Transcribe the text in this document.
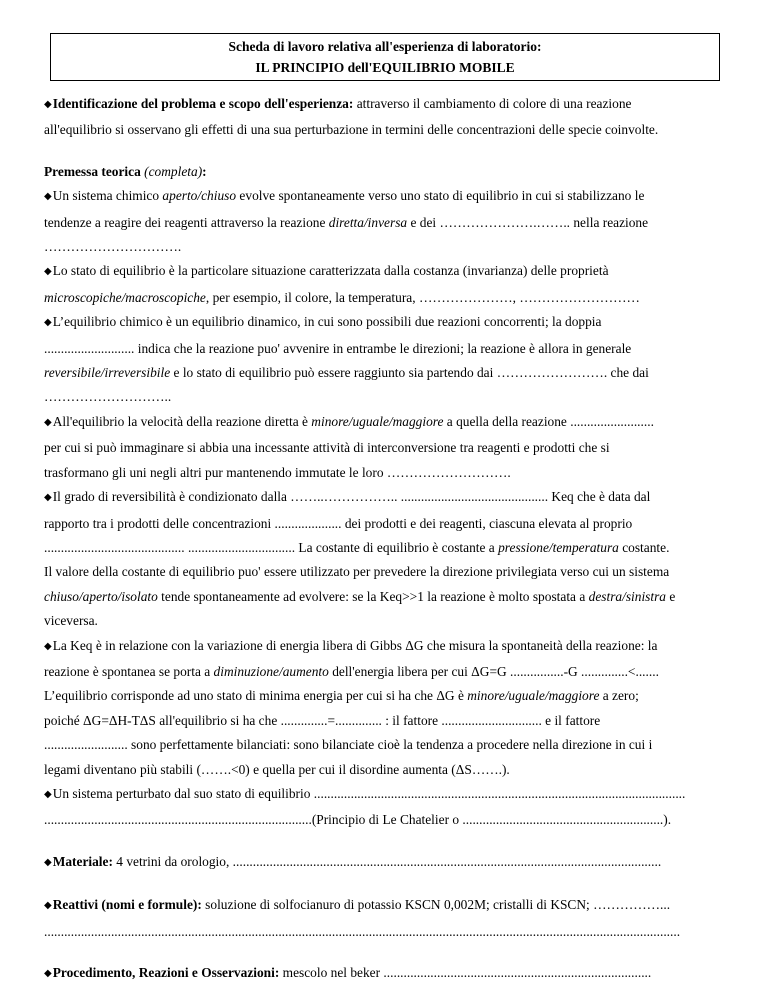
Scheda di lavoro relativa all'esperienza di laboratorio:
IL PRINCIPIO dell'EQUILIBRIO MOBILE

◆Identificazione del problema e scopo dell'esperienza: attraverso il cambiamento di colore di una reazione
all'equilibrio si osservano gli effetti di una sua perturbazione in termini delle concentrazioni delle specie coinvolte.

Premessa teorica (completa):

◆Un sistema chimico aperto/chiuso evolve spontaneamente verso uno stato di equilibrio in cui si stabilizzano le
tendenze a reagire dei reagenti attraverso la reazione diretta/inversa e dei ………………….…….. nella reazione
………………………….

◆Lo stato di equilibrio è la particolare situazione caratterizzata dalla costanza (invarianza) delle proprietà
microscopiche/macroscopiche, per esempio, il colore, la temperatura, …………………, ………………………

◆L’equilibrio chimico è un equilibrio dinamico, in cui sono possibili due reazioni concorrenti; la doppia
........................... indica che la reazione puo' avvenire in entrambe le direzioni; la reazione è allora in generale
reversibile/irreversibile e lo stato di equilibrio può essere raggiunto sia partendo dai ……………………. che dai
………………………..

◆All'equilibrio la velocità della reazione diretta è minore/uguale/maggiore a quella della reazione .........................
per cui si può immaginare si abbia una incessante attività di interconversione tra reagenti e prodotti che si
trasformano gli uni negli altri pur mantenendo immutate le loro ……………………….

◆Il grado di reversibilità è condizionato dalla ……..…………….. ............................................ Keq che è data dal
rapporto tra i prodotti delle concentrazioni .................... dei prodotti e dei reagenti, ciascuna elevata al proprio
.......................................... ................................ La costante di equilibrio è costante a pressione/temperatura costante.
Il valore della costante di equilibrio puo' essere utilizzato per prevedere la direzione privilegiata verso cui un sistema
chiuso/aperto/isolato tende spontaneamente ad evolvere: se la Keq>>1 la reazione è molto spostata a destra/sinistra e
viceversa.

◆La Keq è in relazione con la variazione di energia libera di Gibbs ΔG che misura la spontaneità della reazione: la
reazione è spontanea se porta a diminuzione/aumento dell'energia libera per cui ΔG=G ................-G ..............<.......
L’equilibrio corrisponde ad uno stato di minima energia per cui si ha che ΔG è minore/uguale/maggiore a zero;
poiché ΔG=ΔH-TΔS all'equilibrio si ha che ..............=.............. : il fattore .............................. e il fattore
......................... sono perfettamente bilanciati: sono bilanciate cioè la tendenza a procedere nella direzione in cui i
legami diventano più stabili (…….<0) e quella per cui il disordine aumenta (ΔS…….).

◆Un sistema perturbato dal suo stato di equilibrio ...............................................................................................................
................................................................................(Principio di Le Chatelier o ............................................................).

◆Materiale: 4 vetrini da orologio, ................................................................................................................................

◆Reattivi (nomi e formule): soluzione di solfocianuro di potassio KSCN 0,002M; cristalli di KSCN; ……………...
..............................................................................................................................................................................................

◆Procedimento, Reazioni e Osservazioni: mescolo nel beker ................................................................................
